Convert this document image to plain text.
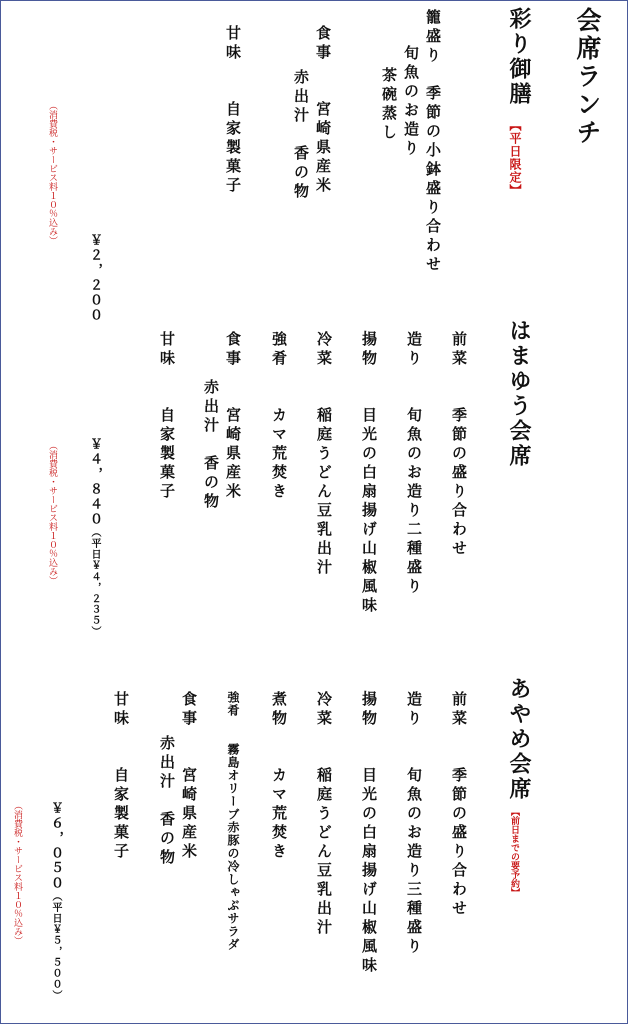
会席ランチ
彩り御膳
【平日限定】
籠盛り　季節の小鉢盛り合わせ
旬魚のお造り
茶碗蒸し
食事　　宮崎県産米
赤出汁　香の物
甘味　　自家製菓子
￥２，２００
（消費税・サービス料１０％込み）
はまゆう会席
前菜　　季節の盛り合わせ
造り　　旬魚のお造り二種盛り
揚物　　目光の白扇揚げ山椒風味
冷菜　　稲庭うどん豆乳出汁
強肴　　カマ荒焚き
食事　　宮崎県産米
赤出汁　香の物
甘味　　自家製菓子
￥４，８４０（平日￥４，２３５）
（消費税・サービス料１０％込み）
あやめ会席
【前日までの要予約】
前菜　　季節の盛り合わせ
造り　　旬魚のお造り三種盛り
揚物　　目光の白扇揚げ山椒風味
冷菜　　稲庭うどん豆乳出汁
煮物　　カマ荒焚き
強肴　　霧島オリーブ赤豚の冷しゃぶサラダ
食事　　宮崎県産米
赤出汁　香の物
甘味　　自家製菓子
￥６，０５０（平日￥５，５００）
（消費税・サービス料１０％込み）
